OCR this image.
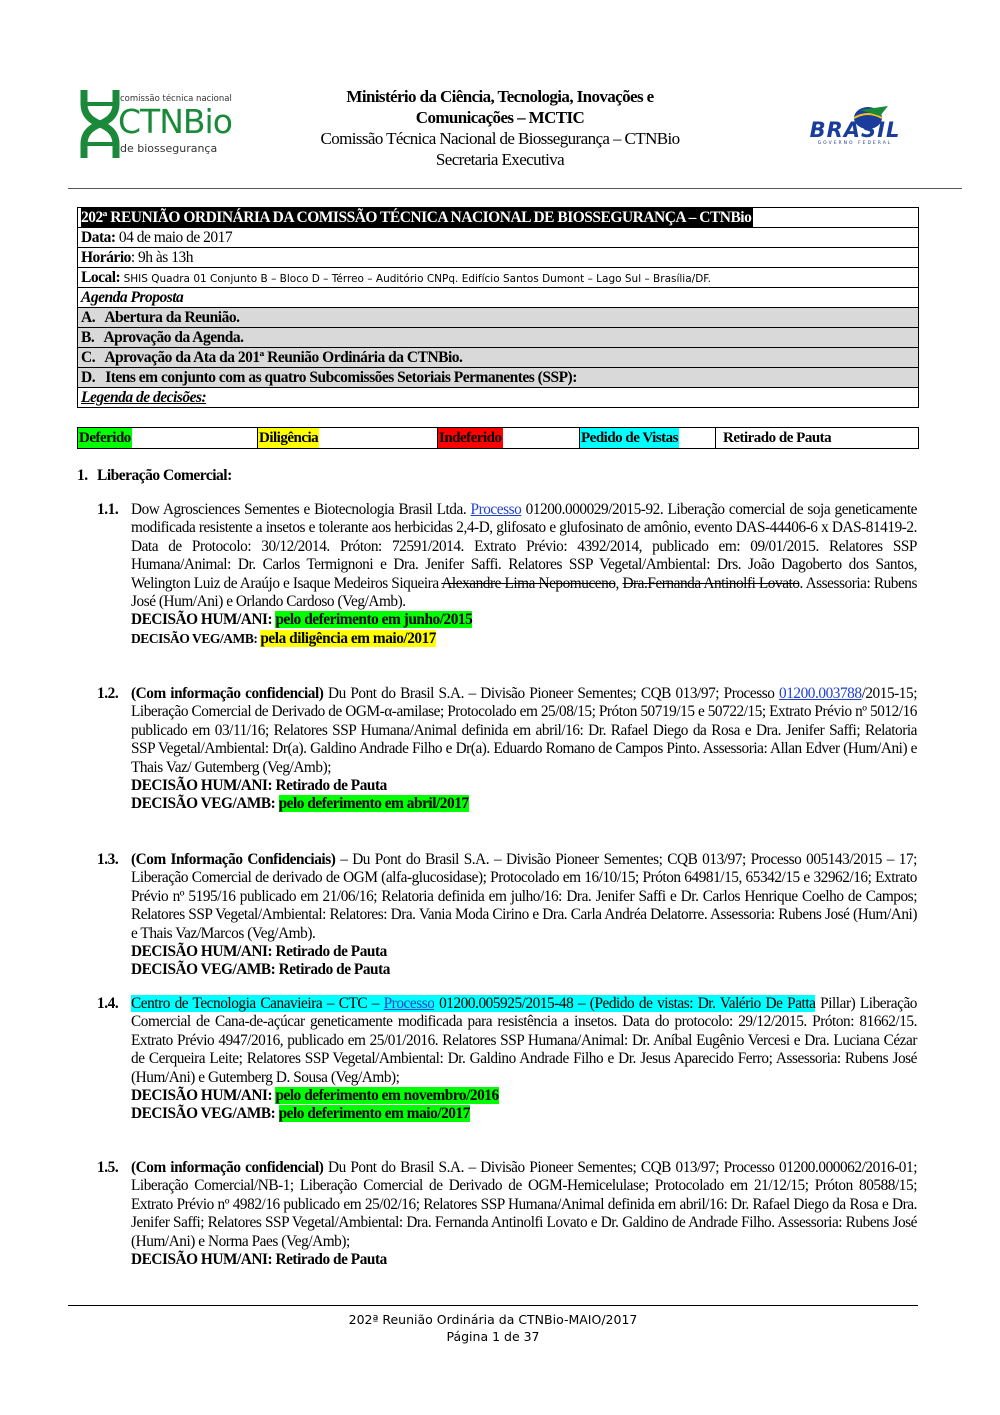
comissão técnica nacional
CTNBio
de biossegurança
Ministério da Ciência, Tecnologia, Inovações e
Comunicações – MCTIC
Comissão Técnica Nacional de Biossegurança – CTNBio
Secretaria Executiva
BRASIL
GOVERNO FEDERAL
202ª REUNIÃO ORDINÁRIA DA COMISSÃO TÉCNICA NACIONAL DE BIOSSEGURANÇA – CTNBio
Data: 04 de maio de 2017
Horário: 9h às 13h
Local: SHIS Quadra 01 Conjunto B – Bloco D – Térreo – Auditório CNPq. Edifício Santos Dumont – Lago Sul – Brasília/DF.
Agenda Proposta
A.   Abertura da Reunião.
B.   Aprovação da Agenda.
C.   Aprovação da Ata da 201ª Reunião Ordinária da CTNBio.
D.   Itens em conjunto com as quatro Subcomissões Setoriais Permanentes (SSP):
Legenda de decisões:
Deferido	Diligência	Indeferido	Pedido de Vistas	Retirado de Pauta
1. Liberação Comercial:
1.1. Dow Agrosciences Sementes e Biotecnologia Brasil Ltda. Processo 01200.000029/2015-92. Liberação comercial de soja geneticamente modificada resistente a insetos e tolerante aos herbicidas 2,4-D, glifosato e glufosinato de amônio, evento DAS-44406-6 x DAS-81419-2. Data de Protocolo: 30/12/2014. Próton: 72591/2014. Extrato Prévio: 4392/2014, publicado em: 09/01/2015. Relatores SSP Humana/Animal: Dr. Carlos Termignoni e Dra. Jenifer Saffi. Relatores SSP Vegetal/Ambiental: Drs. João Dagoberto dos Santos, Welington Luiz de Araújo e Isaque Medeiros Siqueira Alexandre Lima Nepomuceno, Dra.Fernanda Antinolfi Lovato. Assessoria: Rubens José (Hum/Ani) e Orlando Cardoso (Veg/Amb).
DECISÃO HUM/ANI: pelo deferimento em junho/2015
DECISÃO VEG/AMB: pela diligência em maio/2017
1.2. (Com informação confidencial) Du Pont do Brasil S.A. – Divisão Pioneer Sementes; CQB 013/97; Processo 01200.003788/2015-15; Liberação Comercial de Derivado de OGM-α-amilase; Protocolado em 25/08/15; Próton 50719/15 e 50722/15; Extrato Prévio nº 5012/16 publicado em 03/11/16; Relatores SSP Humana/Animal definida em abril/16: Dr. Rafael Diego da Rosa e Dra. Jenifer Saffi; Relatoria SSP Vegetal/Ambiental: Dr(a). Galdino Andrade Filho e Dr(a). Eduardo Romano de Campos Pinto. Assessoria: Allan Edver (Hum/Ani) e Thais Vaz/ Gutemberg (Veg/Amb);
DECISÃO HUM/ANI: Retirado de Pauta
DECISÃO VEG/AMB: pelo deferimento em abril/2017
1.3. (Com Informação Confidenciais) – Du Pont do Brasil S.A. – Divisão Pioneer Sementes; CQB 013/97; Processo 005143/2015 – 17; Liberação Comercial de derivado de OGM (alfa-glucosidase); Protocolado em 16/10/15; Próton 64981/15, 65342/15 e 32962/16; Extrato Prévio nº 5195/16 publicado em 21/06/16; Relatoria definida em julho/16: Dra. Jenifer Saffi e Dr. Carlos Henrique Coelho de Campos; Relatores SSP Vegetal/Ambiental: Relatores: Dra. Vania Moda Cirino e Dra. Carla Andréa Delatorre. Assessoria: Rubens José (Hum/Ani) e Thais Vaz/Marcos (Veg/Amb).
DECISÃO HUM/ANI: Retirado de Pauta
DECISÃO VEG/AMB: Retirado de Pauta
1.4. Centro de Tecnologia Canavieira – CTC – Processo 01200.005925/2015-48 – (Pedido de vistas: Dr. Valério De Patta Pillar) Liberação Comercial de Cana-de-açúcar geneticamente modificada para resistência a insetos. Data do protocolo: 29/12/2015. Próton: 81662/15. Extrato Prévio 4947/2016, publicado em 25/01/2016. Relatores SSP Humana/Animal: Dr. Aníbal Eugênio Vercesi e Dra. Luciana Cézar de Cerqueira Leite; Relatores SSP Vegetal/Ambiental: Dr. Galdino Andrade Filho e Dr. Jesus Aparecido Ferro; Assessoria: Rubens José (Hum/Ani) e Gutemberg D. Sousa (Veg/Amb);
DECISÃO HUM/ANI: pelo deferimento em novembro/2016
DECISÃO VEG/AMB: pelo deferimento em maio/2017
1.5. (Com informação confidencial) Du Pont do Brasil S.A. – Divisão Pioneer Sementes; CQB 013/97; Processo 01200.000062/2016-01; Liberação Comercial/NB-1; Liberação Comercial de Derivado de OGM-Hemicelulase; Protocolado em 21/12/15; Próton 80588/15; Extrato Prévio nº 4982/16 publicado em 25/02/16; Relatores SSP Humana/Animal definida em abril/16: Dr. Rafael Diego da Rosa e Dra. Jenifer Saffi; Relatores SSP Vegetal/Ambiental: Dra. Fernanda Antinolfi Lovato e Dr. Galdino de Andrade Filho. Assessoria: Rubens José (Hum/Ani) e Norma Paes (Veg/Amb);
DECISÃO HUM/ANI: Retirado de Pauta
202ª Reunião Ordinária da CTNBio-MAIO/2017
Página 1 de 37
